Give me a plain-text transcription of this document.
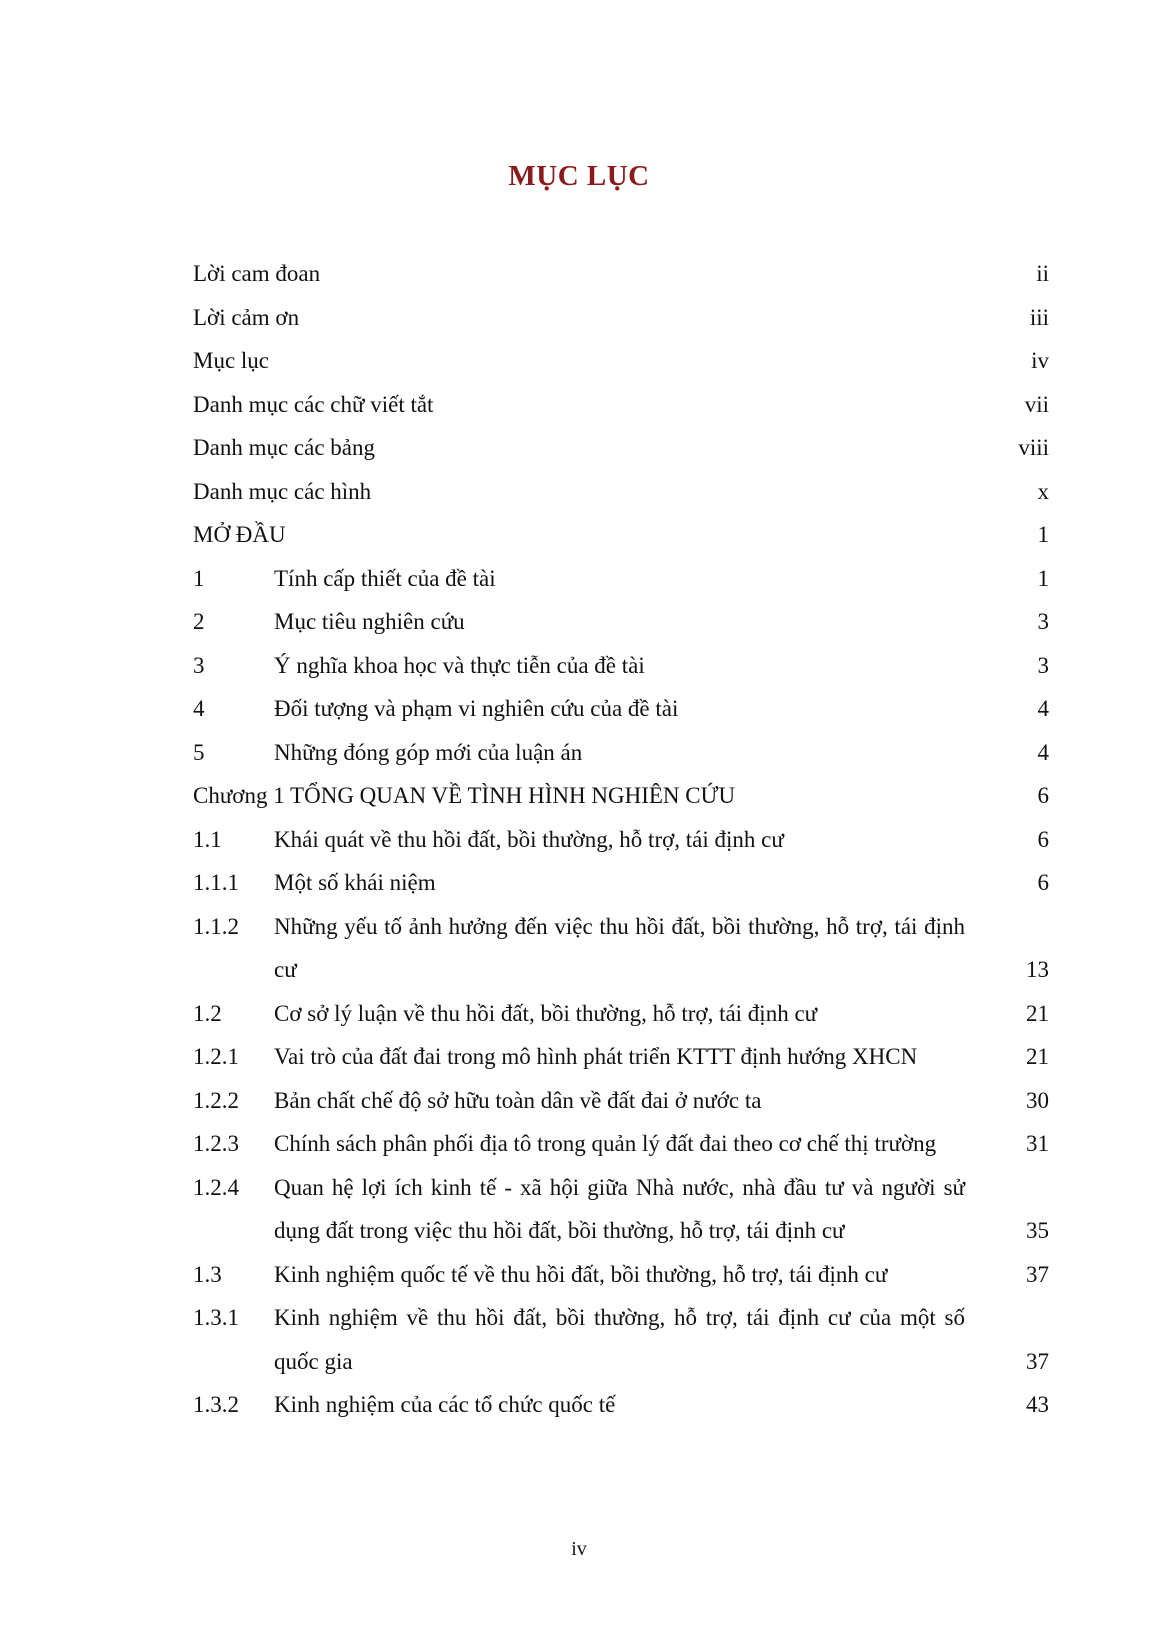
MỤC LỤC
Lời cam đoan	ii
Lời cảm ơn	iii
Mục lục	iv
Danh mục các chữ viết tắt	vii
Danh mục các bảng	viii
Danh mục các hình	x
MỞ ĐẦU	1
1	Tính cấp thiết của đề tài	1
2	Mục tiêu nghiên cứu	3
3	Ý nghĩa khoa học và thực tiễn của đề tài	3
4	Đối tượng và phạm vi nghiên cứu của đề tài	4
5	Những đóng góp mới của luận án	4
Chương 1 TỔNG QUAN VỀ TÌNH HÌNH NGHIÊN CỨU	6
1.1	Khái quát về thu hồi đất, bồi thường, hỗ trợ, tái định cư	6
1.1.1	Một số khái niệm	6
1.1.2	Những yếu tố ảnh hưởng đến việc thu hồi đất, bồi thường, hỗ trợ, tái định cư	13
1.2	Cơ sở lý luận về thu hồi đất, bồi thường, hỗ trợ, tái định cư	21
1.2.1	Vai trò của đất đai trong mô hình phát triển KTTT định hướng XHCN	21
1.2.2	Bản chất chế độ sở hữu toàn dân về đất đai ở nước ta	30
1.2.3	Chính sách phân phối địa tô trong quản lý đất đai theo cơ chế thị trường	31
1.2.4	Quan hệ lợi ích kinh tế - xã hội giữa Nhà nước, nhà đầu tư và người sử dụng đất trong việc thu hồi đất, bồi thường, hỗ trợ, tái định cư	35
1.3	Kinh nghiệm quốc tế về thu hồi đất, bồi thường, hỗ trợ, tái định cư	37
1.3.1	Kinh nghiệm về thu hồi đất, bồi thường, hỗ trợ, tái định cư của một số quốc gia	37
1.3.2	Kinh nghiệm của các tổ chức quốc tế	43
iv
